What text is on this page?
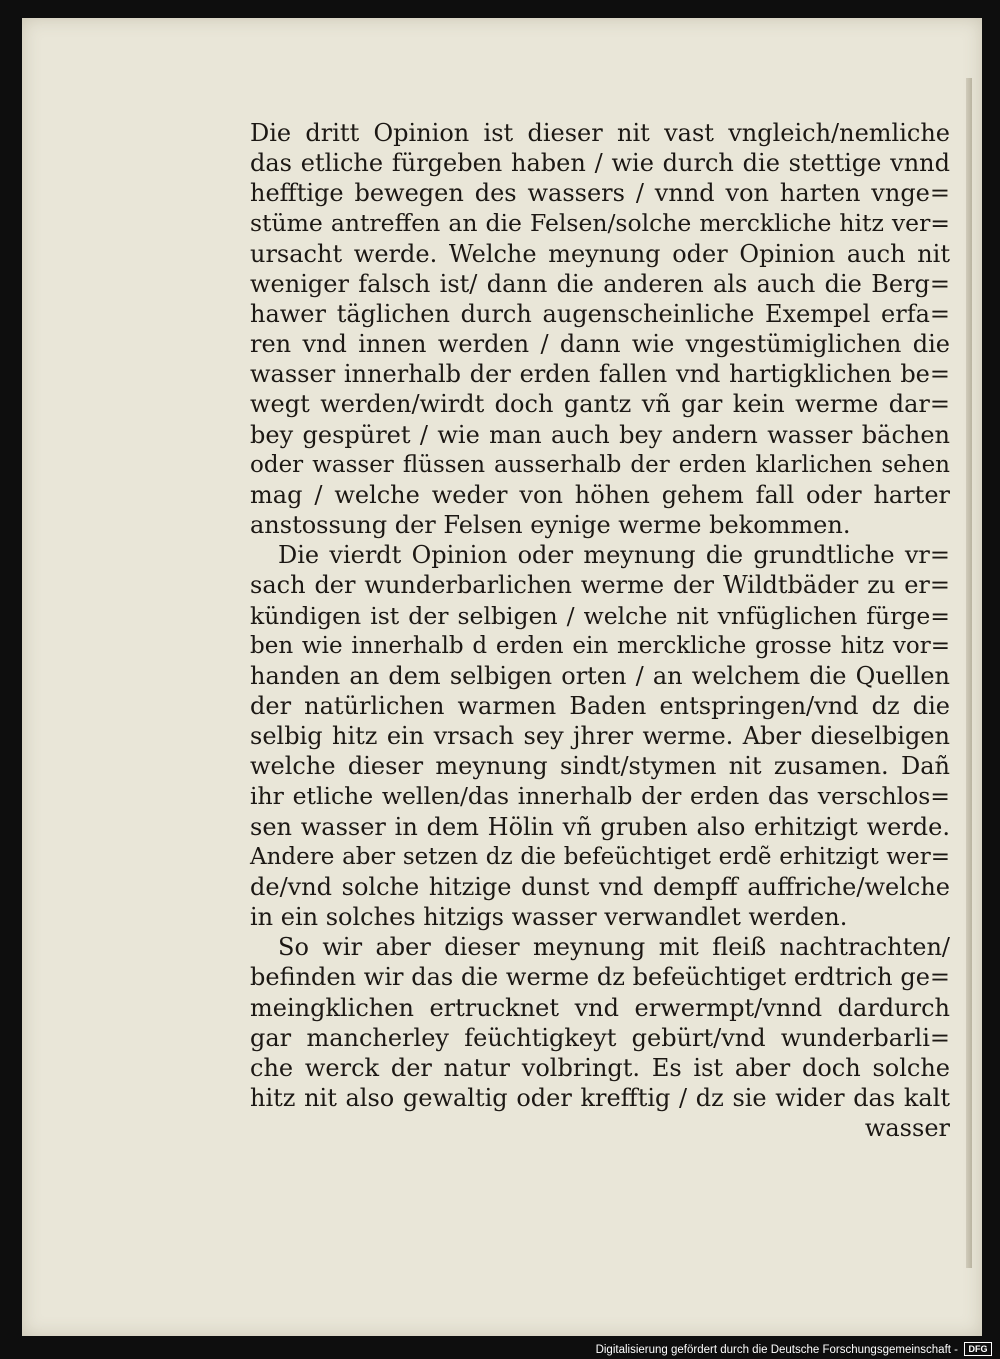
Die dritt Opinion ist dieser nit vast vngleich/nemliche
das etliche fürgeben haben / wie durch die stettige vnnd
hefftige bewegen des wassers / vnnd von harten vnge=
stüme antreffen an die Felsen/solche merckliche hitz ver=
ursacht werde. Welche meynung oder Opinion auch nit
weniger falsch ist/ dann die anderen als auch die Berg=
hawer täglichen durch augenscheinliche Exempel erfa=
ren vnd innen werden / dann wie vngestümiglichen die
wasser innerhalb der erden fallen vnd hartigklichen be=
wegt werden/wirdt doch gantz vñ gar kein werme dar=
bey gespüret / wie man auch bey andern wasser bächen
oder wasser flüssen ausserhalb der erden klarlichen sehen
mag / welche weder von höhen gehem fall oder harter
anstossung der Felsen eynige werme bekommen.
Die vierdt Opinion oder meynung die grundtliche vr=
sach der wunderbarlichen werme der Wildtbäder zu er=
kündigen ist der selbigen / welche nit vnfüglichen fürge=
ben wie innerhalb d erden ein merckliche grosse hitz vor=
handen an dem selbigen orten / an welchem die Quellen
der natürlichen warmen Baden entspringen/vnd dz die
selbig hitz ein vrsach sey jhrer werme. Aber dieselbigen
welche dieser meynung sindt/stymen nit zusamen. Dañ
ihr etliche wellen/das innerhalb der erden das verschlos=
sen wasser in dem Hölin vñ gruben also erhitzigt werde.
Andere aber setzen dz die befeüchtiget erdẽ erhitzigt wer=
de/vnd solche hitzige dunst vnd dempff auffriche/welche
in ein solches hitzigs wasser verwandlet werden.
So wir aber dieser meynung mit fleiß nachtrachten/
befinden wir das die werme dz befeüchtiget erdtrich ge=
meingklichen ertrucknet vnd erwermpt/vnnd dardurch
gar mancherley feüchtigkeyt gebürt/vnd wunderbarli=
che werck der natur volbringt. Es ist aber doch solche
hitz nit also gewaltig oder krefftig / dz sie wider das kalt
wasser
Digitalisierung gefördert durch die Deutsche Forschungsgemeinschaft -	DFG
